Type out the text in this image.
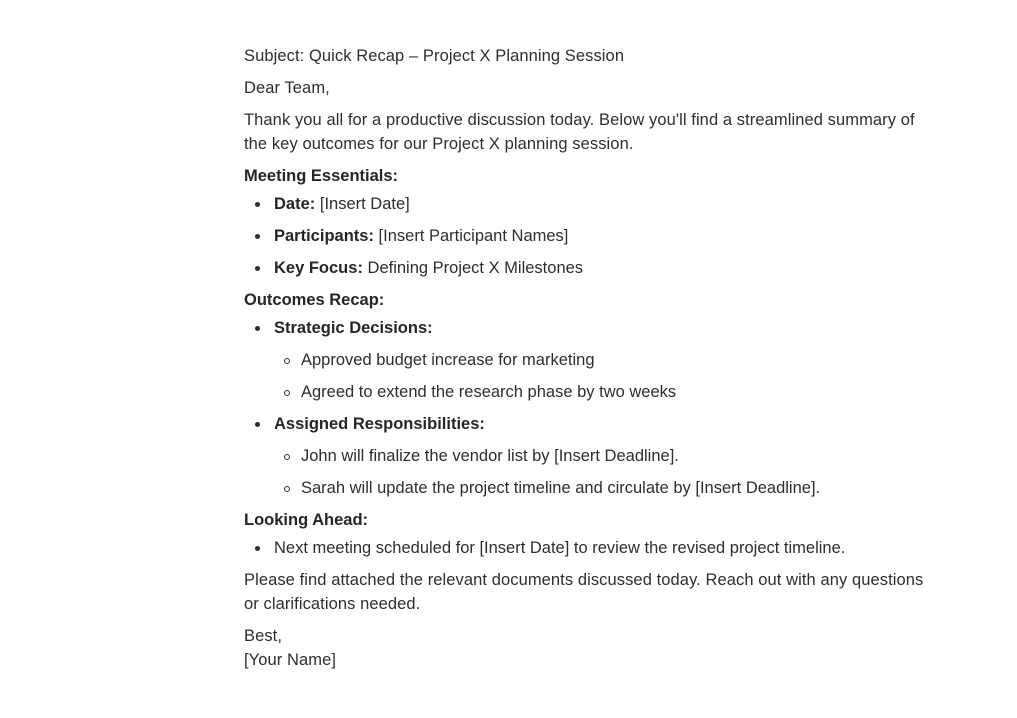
Subject: Quick Recap – Project X Planning Session

Dear Team,

Thank you all for a productive discussion today. Below you'll find a streamlined summary of the key outcomes for our Project X planning session.

Meeting Essentials:
Date: [Insert Date]
Participants: [Insert Participant Names]
Key Focus: Defining Project X Milestones
Outcomes Recap:
Strategic Decisions:
Approved budget increase for marketing
Agreed to extend the research phase by two weeks
Assigned Responsibilities:
John will finalize the vendor list by [Insert Deadline].
Sarah will update the project timeline and circulate by [Insert Deadline].
Looking Ahead:
Next meeting scheduled for [Insert Date] to review the revised project timeline.

Please find attached the relevant documents discussed today. Reach out with any questions or clarifications needed.

Best,

[Your Name]
